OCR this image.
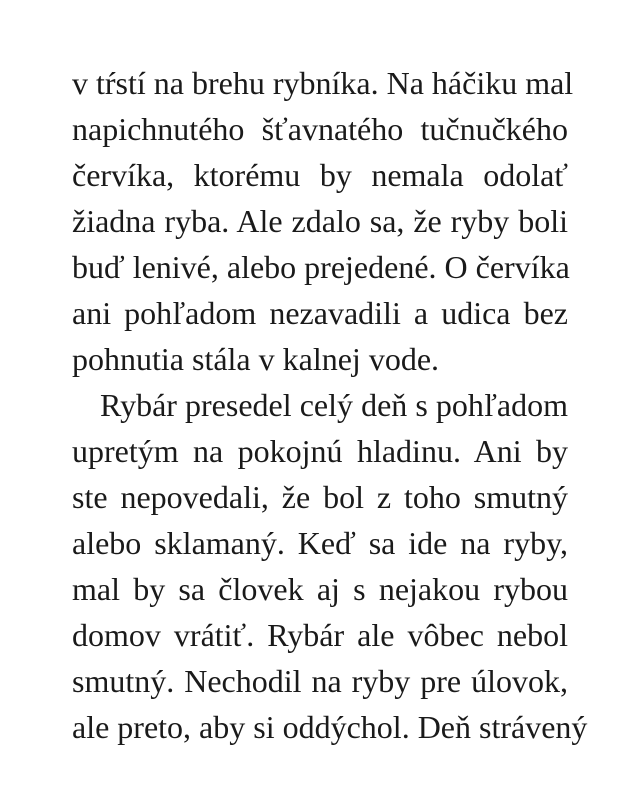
v tŕstí na brehu rybníka. Na háčiku mal
napichnutého šťavnatého tučnučkého
červíka, ktorému by nemala odolať
žiadna ryba. Ale zdalo sa, že ryby boli
buď lenivé, alebo prejedené. O červíka
ani pohľadom nezavadili a udica bez
pohnutia stála v kalnej vode.
Rybár presedel celý deň s pohľadom
upretým na pokojnú hladinu. Ani by
ste nepovedali, že bol z toho smutný
alebo sklamaný. Keď sa ide na ryby,
mal by sa človek aj s nejakou rybou
domov vrátiť. Rybár ale vôbec nebol
smutný. Nechodil na ryby pre úlovok,
ale preto, aby si oddýchol. Deň strávený
